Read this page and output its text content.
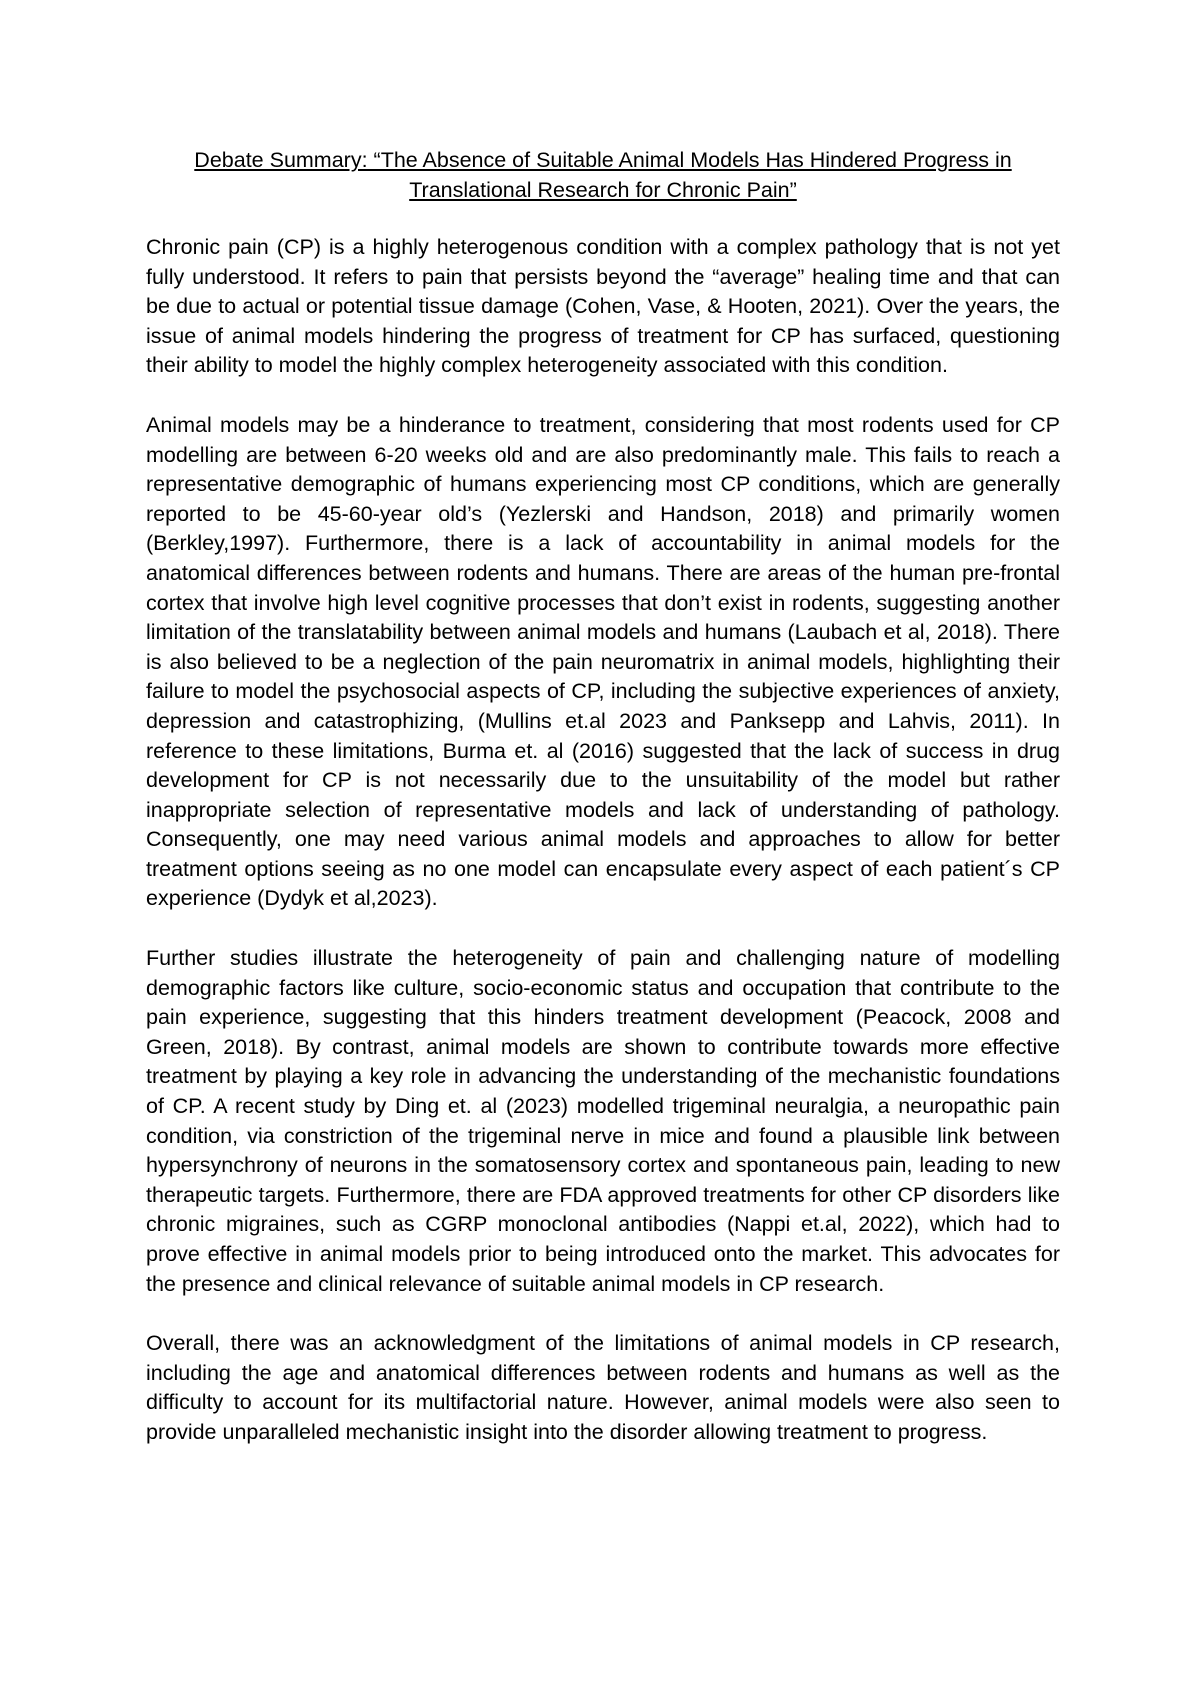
Debate Summary: “The Absence of Suitable Animal Models Has Hindered Progress in
Translational Research for Chronic Pain”

Chronic pain (CP) is a highly heterogenous condition with a complex pathology that is not yet fully understood. It refers to pain that persists beyond the “average” healing time and that can be due to actual or potential tissue damage (Cohen, Vase, & Hooten, 2021). Over the years, the issue of animal models hindering the progress of treatment for CP has surfaced, questioning their ability to model the highly complex heterogeneity associated with this condition.

Animal models may be a hinderance to treatment, considering that most rodents used for CP modelling are between 6-20 weeks old and are also predominantly male. This fails to reach a representative demographic of humans experiencing most CP conditions, which are generally reported to be 45-60-year old’s (Yezlerski and Handson, 2018) and primarily women (Berkley,1997). Furthermore, there is a lack of accountability in animal models for the anatomical differences between rodents and humans. There are areas of the human pre-frontal cortex that involve high level cognitive processes that don’t exist in rodents, suggesting another limitation of the translatability between animal models and humans (Laubach et al, 2018). There is also believed to be a neglection of the pain neuromatrix in animal models, highlighting their failure to model the psychosocial aspects of CP, including the subjective experiences of anxiety, depression and catastrophizing, (Mullins et.al 2023 and Panksepp and Lahvis, 2011). In reference to these limitations, Burma et. al (2016) suggested that the lack of success in drug development for CP is not necessarily due to the unsuitability of the model but rather inappropriate selection of representative models and lack of understanding of pathology. Consequently, one may need various animal models and approaches to allow for better treatment options seeing as no one model can encapsulate every aspect of each patient´s CP experience (Dydyk et al,2023).

Further studies illustrate the heterogeneity of pain and challenging nature of modelling demographic factors like culture, socio-economic status and occupation that contribute to the pain experience, suggesting that this hinders treatment development (Peacock, 2008 and Green, 2018). By contrast, animal models are shown to contribute towards more effective treatment by playing a key role in advancing the understanding of the mechanistic foundations of CP. A recent study by Ding et. al (2023) modelled trigeminal neuralgia, a neuropathic pain condition, via constriction of the trigeminal nerve in mice and found a plausible link between hypersynchrony of neurons in the somatosensory cortex and spontaneous pain, leading to new therapeutic targets. Furthermore, there are FDA approved treatments for other CP disorders like chronic migraines, such as CGRP monoclonal antibodies (Nappi et.al, 2022), which had to prove effective in animal models prior to being introduced onto the market. This advocates for the presence and clinical relevance of suitable animal models in CP research.

Overall, there was an acknowledgment of the limitations of animal models in CP research, including the age and anatomical differences between rodents and humans as well as the difficulty to account for its multifactorial nature. However, animal models were also seen to provide unparalleled mechanistic insight into the disorder allowing treatment to progress.
